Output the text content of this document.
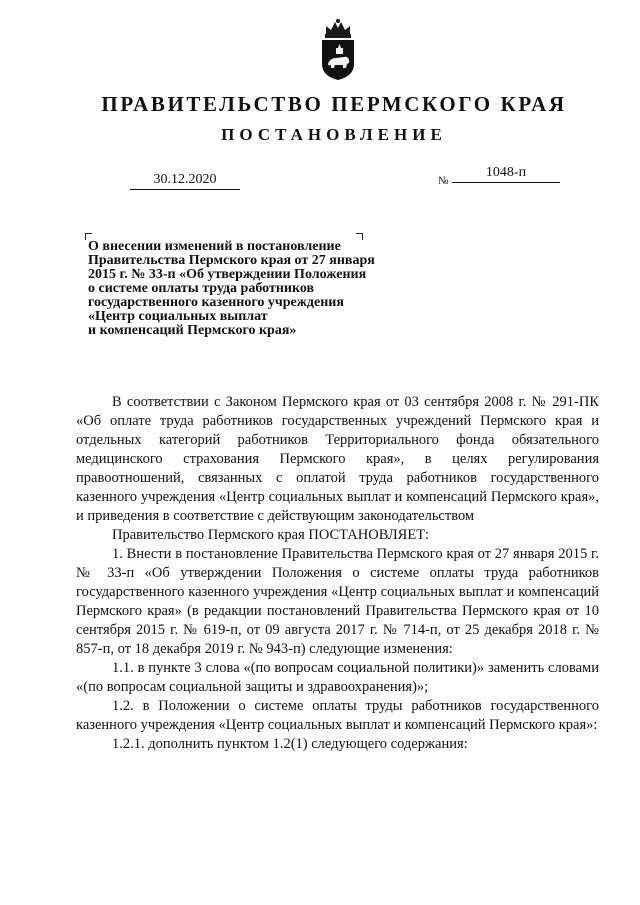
ПРАВИТЕЛЬСТВО ПЕРМСКОГО КРАЯ
ПОСТАНОВЛЕНИЕ
30.12.2020	№
1048-п
О внесении изменений в постановление
Правительства Пермского края от 27 января
2015 г. № 33-п «Об утверждении Положения
о системе оплаты труда работников
государственного казенного учреждения
«Центр социальных выплат
и компенсаций Пермского края»

В соответствии с Законом Пермского края от 03 сентября 2008 г. № 291-ПК «Об оплате труда работников государственных учреждений Пермского края и отдельных категорий работников Территориального фонда обязательного медицинского страхования Пермского края», в целях регулирования правоотношений, связанных с оплатой труда работников государственного казенного учреждения «Центр социальных выплат и компенсаций Пермского края», и приведения в соответствие с действующим законодательством

Правительство Пермского края ПОСТАНОВЛЯЕТ:

1. Внести в постановление Правительства Пермского края от 27 января 2015 г. № 33-п «Об утверждении Положения о системе оплаты труда работников государственного казенного учреждения «Центр социальных выплат и компенсаций Пермского края» (в редакции постановлений Правительства Пермского края от 10 сентября 2015 г. № 619-п, от 09 августа 2017 г. № 714-п, от 25 декабря 2018 г. № 857-п, от 18 декабря 2019 г. № 943-п) следующие изменения:

1.1. в пункте 3 слова «(по вопросам социальной политики)» заменить словами «(по вопросам социальной защиты и здравоохранения)»;

1.2. в Положении о системе оплаты труды работников государственного казенного учреждения «Центр социальных выплат и компенсаций Пермского края»:

1.2.1. дополнить пунктом 1.2(1) следующего содержания:
